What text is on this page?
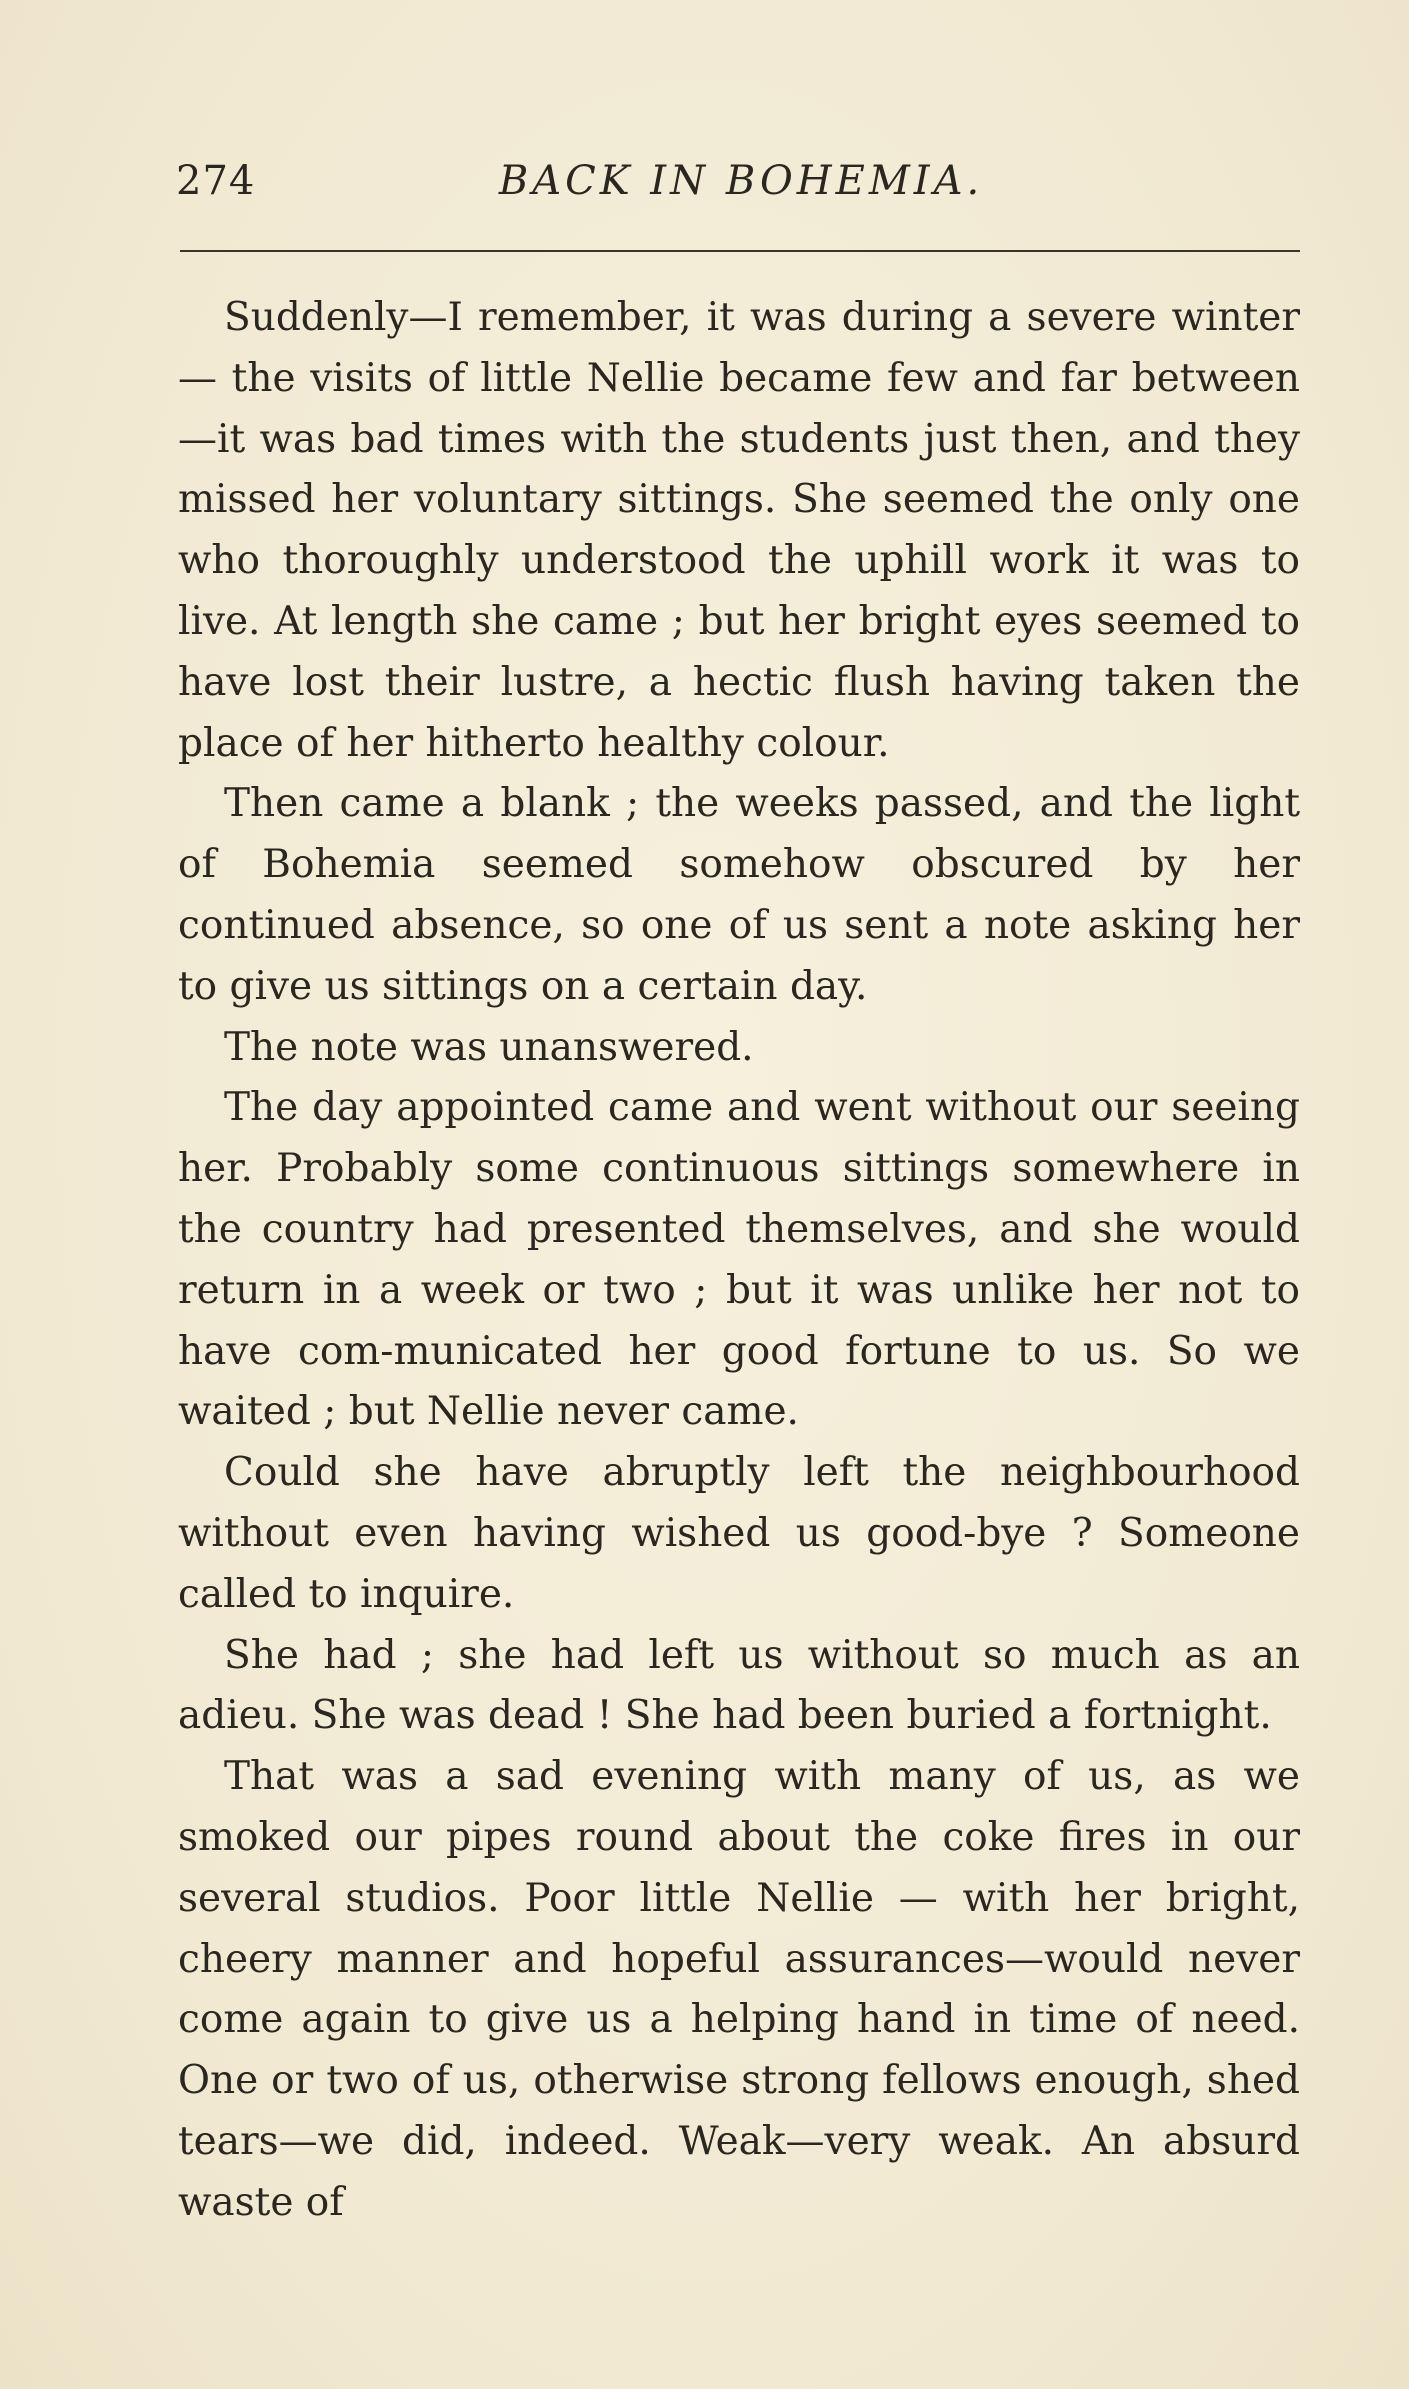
274	BACK IN BOHEMIA.

Suddenly—I remember, it was during a severe winter— the visits of little Nellie became few and far between—it was bad times with the students just then, and they missed her voluntary sittings. She seemed the only one who thoroughly understood the uphill work it was to live. At length she came ; but her bright eyes seemed to have lost their lustre, a hectic flush having taken the place of her hitherto healthy colour.

Then came a blank ; the weeks passed, and the light of Bohemia seemed somehow obscured by her continued absence, so one of us sent a note asking her to give us sittings on a certain day.

The note was unanswered.

The day appointed came and went without our seeing her. Probably some continuous sittings somewhere in the country had presented themselves, and she would return in a week or two ; but it was unlike her not to have com-municated her good fortune to us. So we waited ; but Nellie never came.

Could she have abruptly left the neighbourhood without even having wished us good-bye ? Someone called to inquire.

She had ; she had left us without so much as an adieu. She was dead ! She had been buried a fortnight.

That was a sad evening with many of us, as we smoked our pipes round about the coke fires in our several studios. Poor little Nellie — with her bright, cheery manner and hopeful assurances—would never come again to give us a helping hand in time of need. One or two of us, otherwise strong fellows enough, shed tears—we did, indeed. Weak—very weak. An absurd waste of
